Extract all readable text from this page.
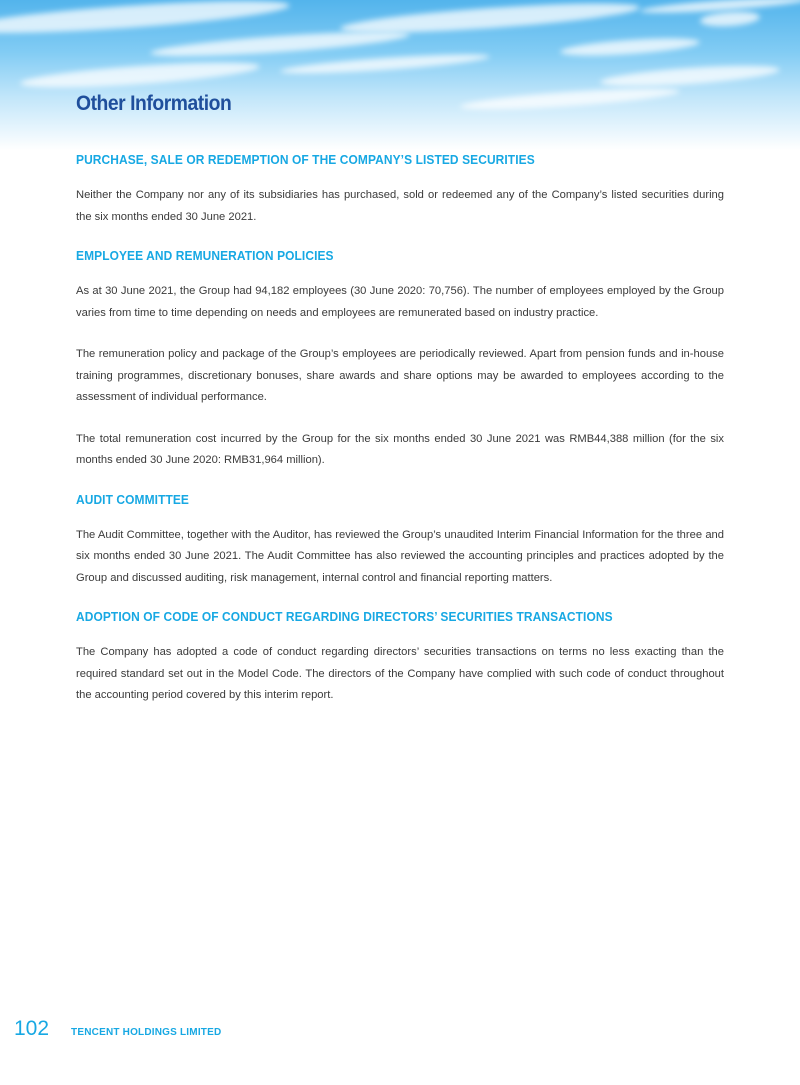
Other Information
PURCHASE, SALE OR REDEMPTION OF THE COMPANY’S LISTED SECURITIES

Neither the Company nor any of its subsidiaries has purchased, sold or redeemed any of the Company’s listed securities during the six months ended 30 June 2021.

EMPLOYEE AND REMUNERATION POLICIES

As at 30 June 2021, the Group had 94,182 employees (30 June 2020: 70,756). The number of employees employed by the Group varies from time to time depending on needs and employees are remunerated based on industry practice.

The remuneration policy and package of the Group’s employees are periodically reviewed. Apart from pension funds and in-house training programmes, discretionary bonuses, share awards and share options may be awarded to employees according to the assessment of individual performance.

The total remuneration cost incurred by the Group for the six months ended 30 June 2021 was RMB44,388 million (for the six months ended 30 June 2020: RMB31,964 million).

AUDIT COMMITTEE

The Audit Committee, together with the Auditor, has reviewed the Group’s unaudited Interim Financial Information for the three and six months ended 30 June 2021. The Audit Committee has also reviewed the accounting principles and practices adopted by the Group and discussed auditing, risk management, internal control and financial reporting matters.

ADOPTION OF CODE OF CONDUCT REGARDING DIRECTORS’ SECURITIES TRANSACTIONS

The Company has adopted a code of conduct regarding directors’ securities transactions on terms no less exacting than the required standard set out in the Model Code. The directors of the Company have complied with such code of conduct throughout the accounting period covered by this interim report.

102 TENCENT HOLDINGS LIMITED
